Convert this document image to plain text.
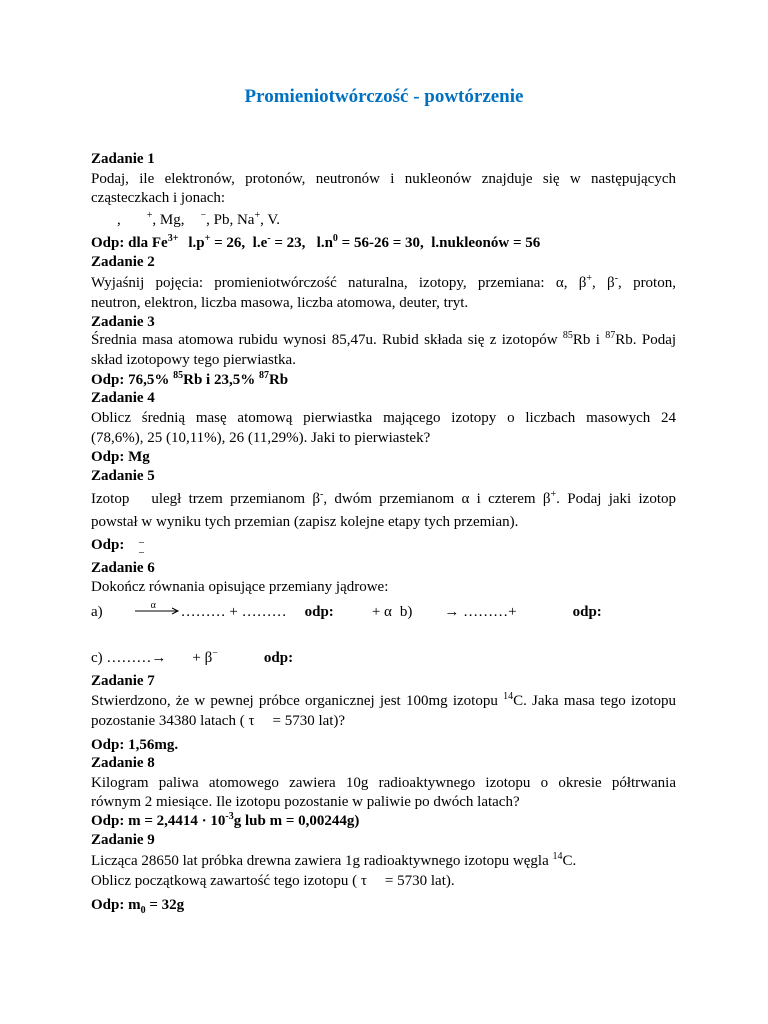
Promieniotwórczość - powtórzenie
Zadanie 1
Podaj, ile elektronów, protonów, neutronów i nukleonów znajduje się w następujących
cząsteczkach i jonach:
,	+, Mg, −, Pb, Na+, V.
Odp: dla $Fe^{3+}$ l.p+ = 26, l.e- = 23, $l.n^0 = 56-26 = 30$, l.nukleonów = 56
Zadanie 2
Wyjaśnij pojęcia: promieniotwórczość naturalna, izotopy, przemiana: α, β+, β-, proton,
neutron, elektron, liczba masowa, liczba atomowa, deuter, tryt.
Zadanie 3
Średnia masa atomowa rubidu wynosi 85,47u. Rubid składa się z izotopów $^{85}$Rb i $^{87}$Rb. Podaj
skład izotopowy tego pierwiastka.
Odp: 76,5% $^{85}$Rb i 23,5% $^{87}$Rb
Zadanie 4
Oblicz średnią masę atomową pierwiastka mającego izotopy o liczbach masowych 24
(78,6%), 25 (10,11%), 26 (11,29%). Jaki to pierwiastek?
Odp: Mg
Zadanie 5
Izotop uległ trzem przemianom β-, dwóm przemianom α i czterem β+. Podaj jaki izotop
powstał w wyniku tych przemian (zapisz kolejne etapy tych przemian).
Odp: −
−
Zadanie 6
Dokończ równania opisujące przemiany jądrowe:
a)	α ……… + ……… odp:	+ α b) → ………+	odp:
c) ………→ + β−	odp:
Zadanie 7
Stwierdzono, że w pewnej próbce organicznej jest 100mg izotopu $^{14}$C. Jaka masa tego izotopu
pozostanie 34380 latach ( τ = 5730 lat)?
Odp: 1,56mg.
Zadanie 8
Kilogram paliwa atomowego zawiera 10g radioaktywnego izotopu o okresie półtrwania
równym 2 miesiące. Ile izotopu pozostanie w paliwie po dwóch latach?
Odp: $m = 2,4414 \cdot 10^{-3}g$ lub m = 0,00244g)
Zadanie 9
Licząca 28650 lat próbka drewna zawiera 1g radioaktywnego izotopu węgla $^{14}$C.
Oblicz początkową zawartość tego izotopu ( τ = 5730 lat).
Odp: $m_0 = 32g$
